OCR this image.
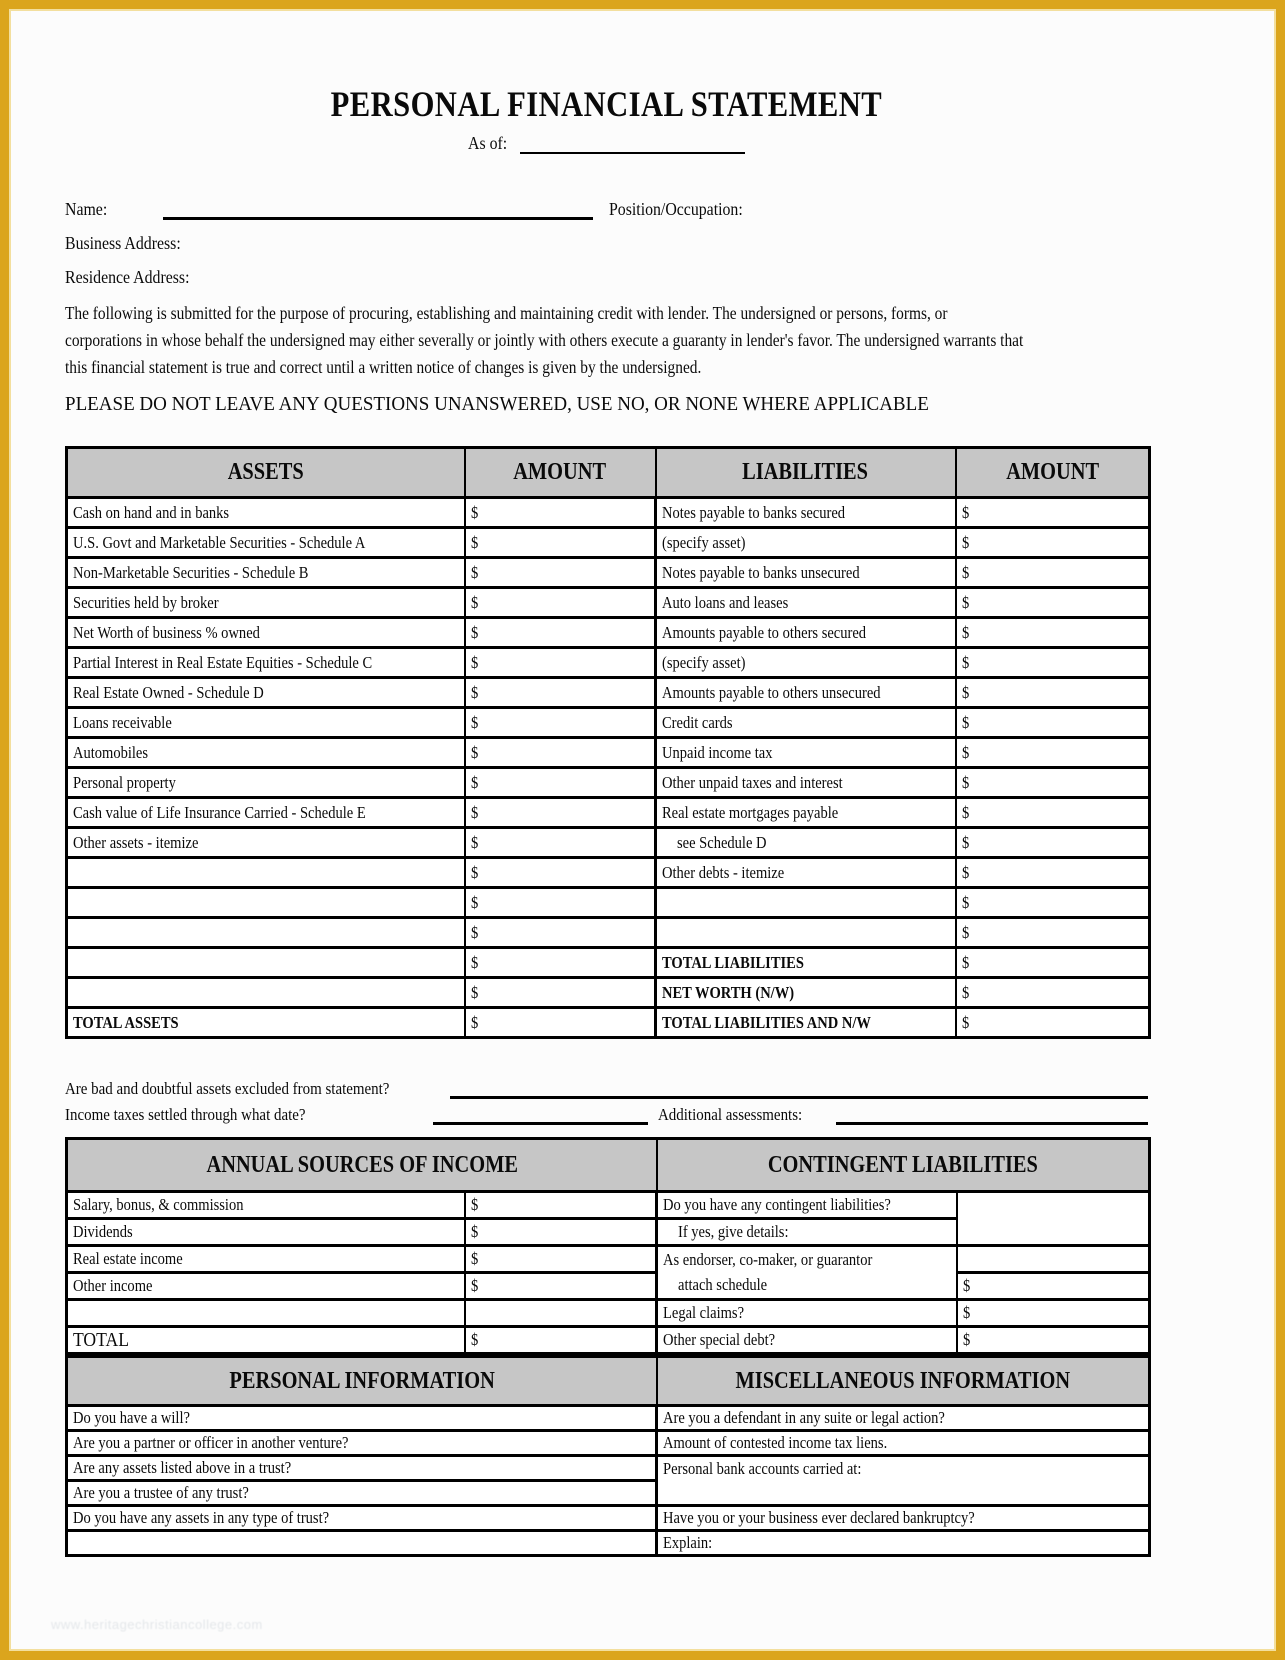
PERSONAL FINANCIAL STATEMENT
As of:
Name:	Position/Occupation:
Business Address:
Residence Address:
The following is submitted for the purpose of procuring, establishing and maintaining credit with lender. The undersigned or persons, forms, or
corporations in whose behalf the undersigned may either severally or jointly with others execute a guaranty in lender's favor. The undersigned warrants that
this financial statement is true and correct until a written notice of changes is given by the undersigned.
PLEASE DO NOT LEAVE ANY QUESTIONS UNANSWERED, USE NO, OR NONE WHERE APPLICABLE
ASSETS	AMOUNT	LIABILITIES	AMOUNT
Cash on hand and in banks	$	Notes payable to banks secured	$
U.S. Govt and Marketable Securities - Schedule A	$	(specify asset)	$
Non-Marketable Securities - Schedule B	$	Notes payable to banks unsecured	$
Securities held by broker	$	Auto loans and leases	$
Net Worth of business % owned	$	Amounts payable to others secured	$
Partial Interest in Real Estate Equities - Schedule C	$	(specify asset)	$
Real Estate Owned - Schedule D	$	Amounts payable to others unsecured	$
Loans receivable	$	Credit cards	$
Automobiles	$	Unpaid income tax	$
Personal property	$	Other unpaid taxes and interest	$
Cash value of Life Insurance Carried - Schedule E	$	Real estate mortgages payable	$
Other assets - itemize	$	see Schedule D	$
	$	Other debts - itemize	$
	$		$
	$		$
	$	TOTAL LIABILITIES	$
	$	NET WORTH (N/W)	$
TOTAL ASSETS	$	TOTAL LIABILITIES AND N/W	$
Are bad and doubtful assets excluded from statement?
Income taxes settled through what date?	Additional assessments:
ANNUAL SOURCES OF INCOME		CONTINGENT LIABILITIES	
Salary, bonus, & commission	$	Do you have any contingent liabilities?	
Dividends	$	If yes, give details:	
Real estate income	$	As endorser, co-maker, or guarantor	
Other income	$	attach schedule	$
		Legal claims?	$
TOTAL	$	Other special debt?	$
PERSONAL INFORMATION	MISCELLANEOUS INFORMATION
Do you have a will?	Are you a defendant in any suite or legal action?
Are you a partner or officer in another venture?	Amount of contested income tax liens.
Are any assets listed above in a trust?	Personal bank accounts carried at:
Are you a trustee of any trust?	
Do you have any assets in any type of trust?	Have you or your business ever declared bankruptcy?
	Explain:
www.heritagechristiancollege.com
